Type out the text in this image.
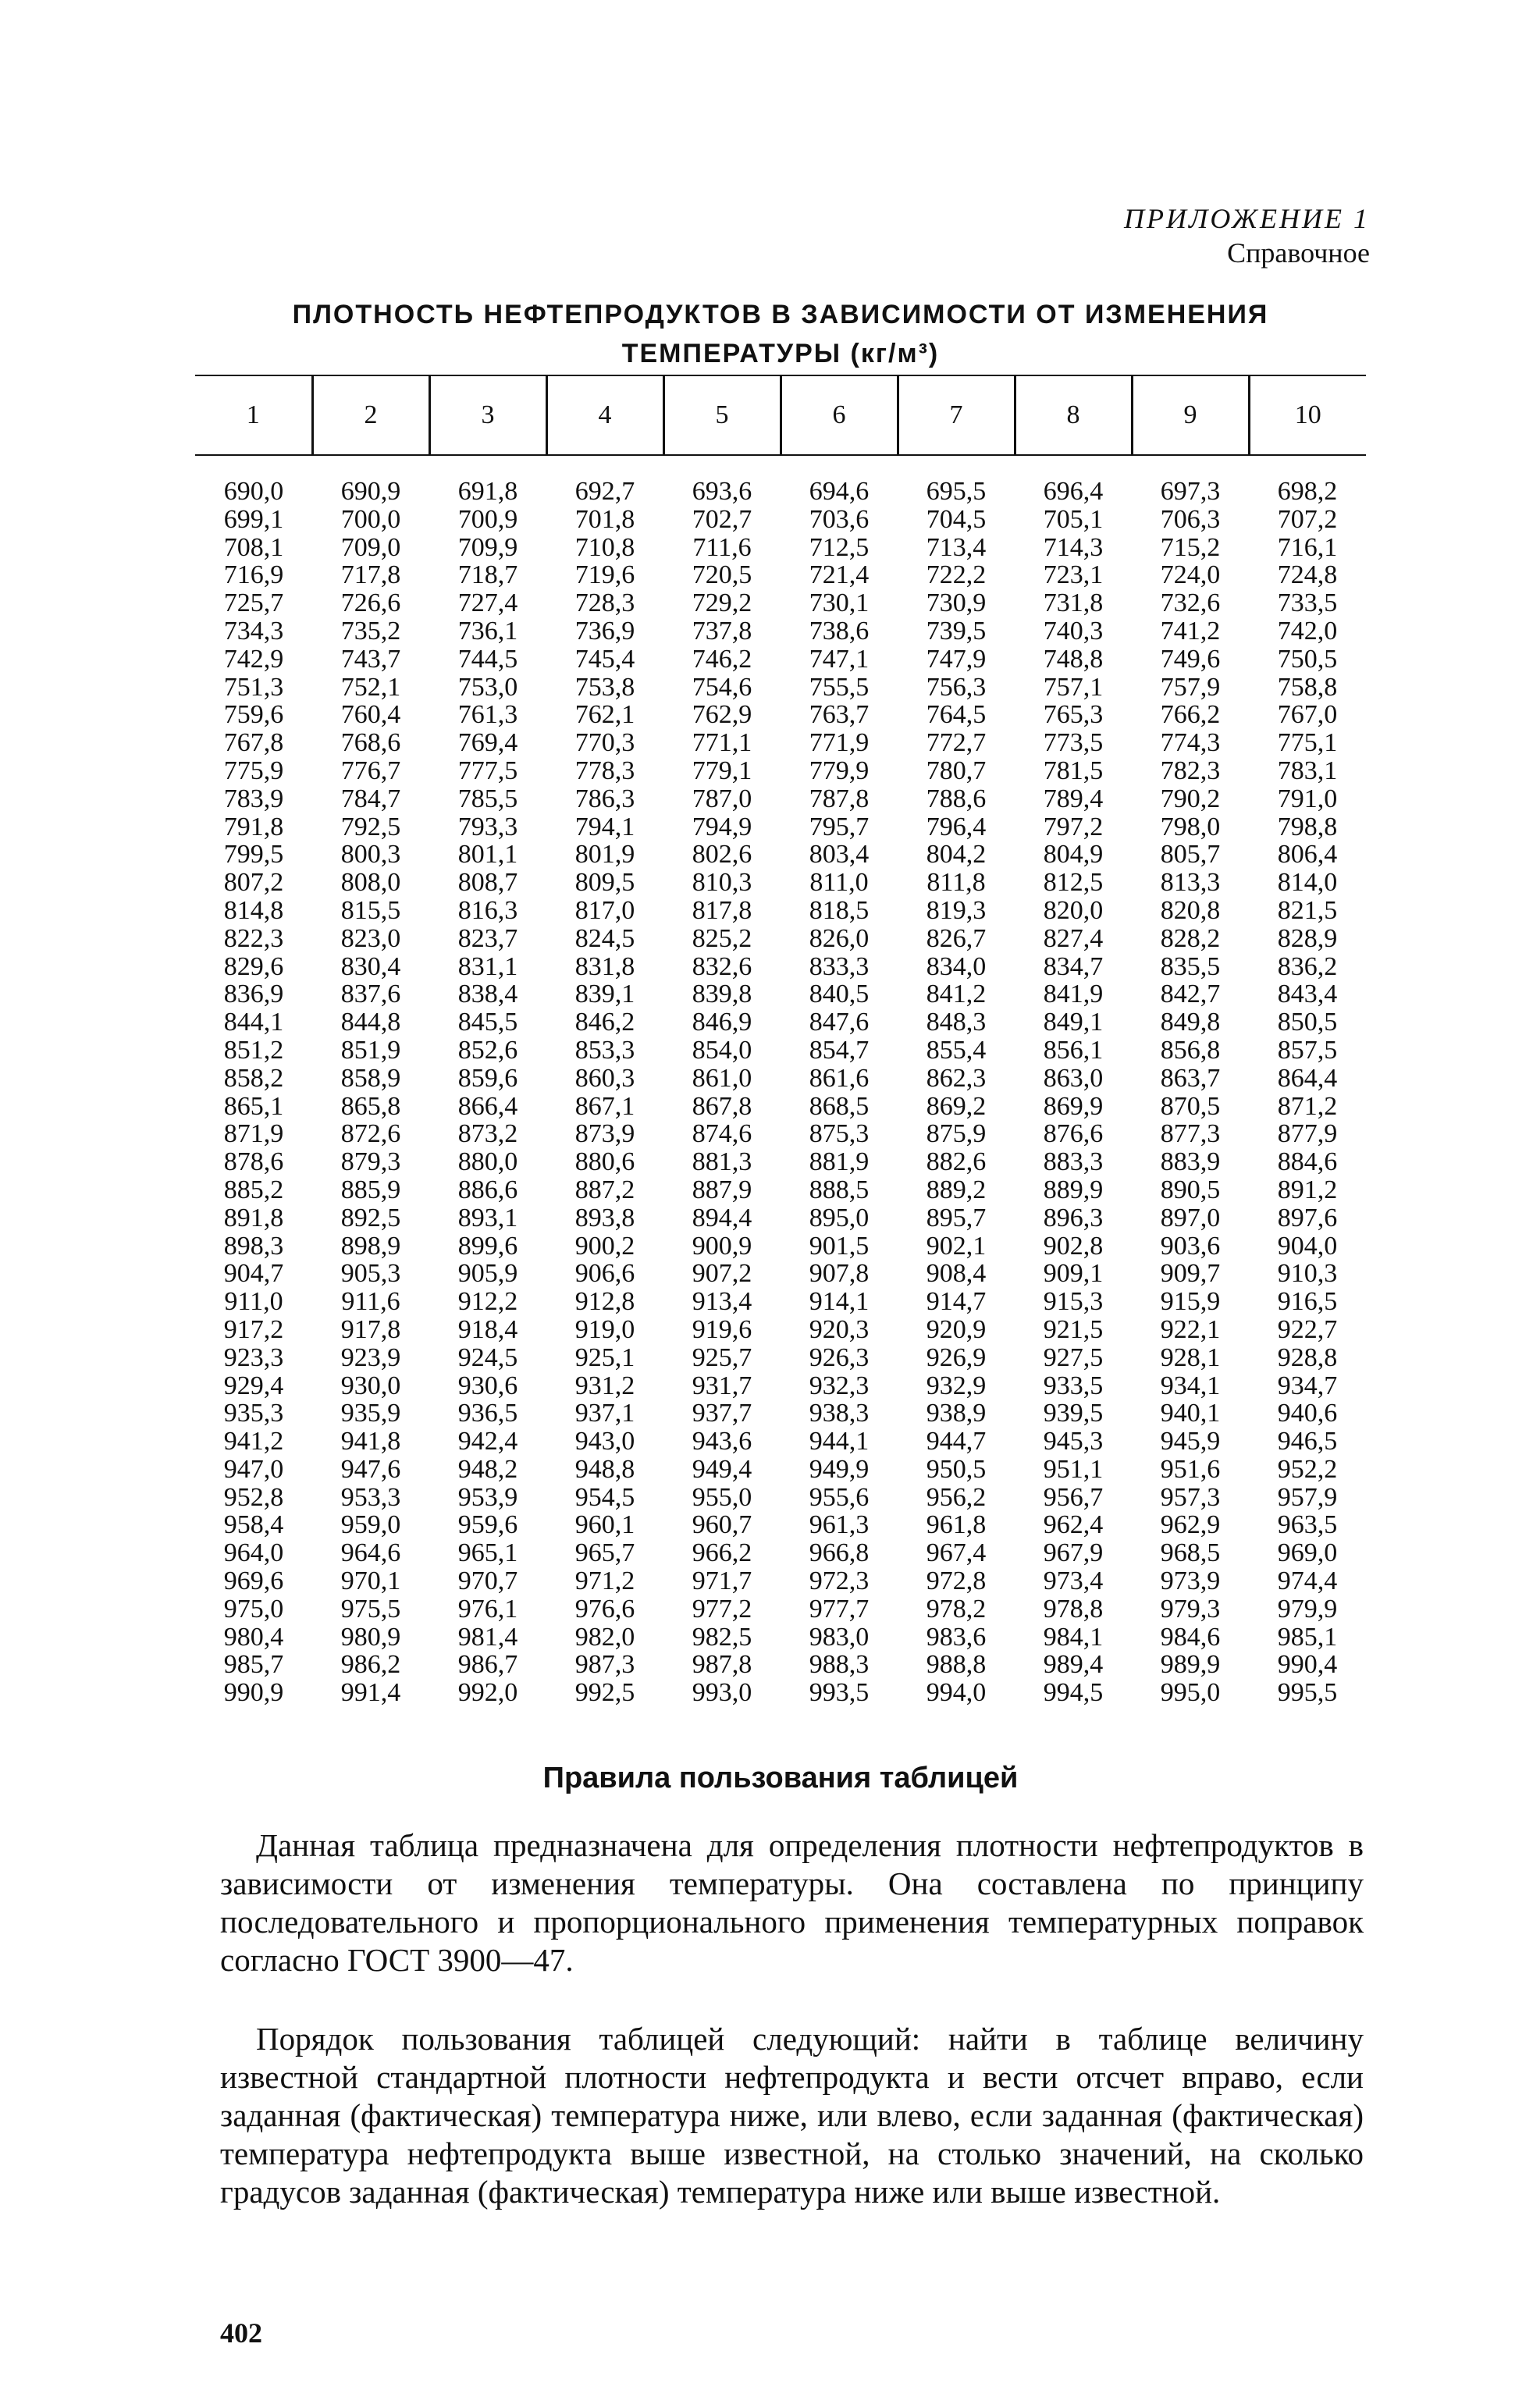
ПРИЛОЖЕНИЕ 1
Справочное
ПЛОТНОСТЬ НЕФТЕПРОДУКТОВ В ЗАВИСИМОСТИ ОТ ИЗМЕНЕНИЯ
ТЕМПЕРАТУРЫ (кг/м³)
1	2	3	4	5	6	7	8	9	10
690,0	690,9	691,8	692,7	693,6	694,6	695,5	696,4	697,3	698,2
699,1	700,0	700,9	701,8	702,7	703,6	704,5	705,1	706,3	707,2
708,1	709,0	709,9	710,8	711,6	712,5	713,4	714,3	715,2	716,1
716,9	717,8	718,7	719,6	720,5	721,4	722,2	723,1	724,0	724,8
725,7	726,6	727,4	728,3	729,2	730,1	730,9	731,8	732,6	733,5
734,3	735,2	736,1	736,9	737,8	738,6	739,5	740,3	741,2	742,0
742,9	743,7	744,5	745,4	746,2	747,1	747,9	748,8	749,6	750,5
751,3	752,1	753,0	753,8	754,6	755,5	756,3	757,1	757,9	758,8
759,6	760,4	761,3	762,1	762,9	763,7	764,5	765,3	766,2	767,0
767,8	768,6	769,4	770,3	771,1	771,9	772,7	773,5	774,3	775,1
775,9	776,7	777,5	778,3	779,1	779,9	780,7	781,5	782,3	783,1
783,9	784,7	785,5	786,3	787,0	787,8	788,6	789,4	790,2	791,0
791,8	792,5	793,3	794,1	794,9	795,7	796,4	797,2	798,0	798,8
799,5	800,3	801,1	801,9	802,6	803,4	804,2	804,9	805,7	806,4
807,2	808,0	808,7	809,5	810,3	811,0	811,8	812,5	813,3	814,0
814,8	815,5	816,3	817,0	817,8	818,5	819,3	820,0	820,8	821,5
822,3	823,0	823,7	824,5	825,2	826,0	826,7	827,4	828,2	828,9
829,6	830,4	831,1	831,8	832,6	833,3	834,0	834,7	835,5	836,2
836,9	837,6	838,4	839,1	839,8	840,5	841,2	841,9	842,7	843,4
844,1	844,8	845,5	846,2	846,9	847,6	848,3	849,1	849,8	850,5
851,2	851,9	852,6	853,3	854,0	854,7	855,4	856,1	856,8	857,5
858,2	858,9	859,6	860,3	861,0	861,6	862,3	863,0	863,7	864,4
865,1	865,8	866,4	867,1	867,8	868,5	869,2	869,9	870,5	871,2
871,9	872,6	873,2	873,9	874,6	875,3	875,9	876,6	877,3	877,9
878,6	879,3	880,0	880,6	881,3	881,9	882,6	883,3	883,9	884,6
885,2	885,9	886,6	887,2	887,9	888,5	889,2	889,9	890,5	891,2
891,8	892,5	893,1	893,8	894,4	895,0	895,7	896,3	897,0	897,6
898,3	898,9	899,6	900,2	900,9	901,5	902,1	902,8	903,6	904,0
904,7	905,3	905,9	906,6	907,2	907,8	908,4	909,1	909,7	910,3
911,0	911,6	912,2	912,8	913,4	914,1	914,7	915,3	915,9	916,5
917,2	917,8	918,4	919,0	919,6	920,3	920,9	921,5	922,1	922,7
923,3	923,9	924,5	925,1	925,7	926,3	926,9	927,5	928,1	928,8
929,4	930,0	930,6	931,2	931,7	932,3	932,9	933,5	934,1	934,7
935,3	935,9	936,5	937,1	937,7	938,3	938,9	939,5	940,1	940,6
941,2	941,8	942,4	943,0	943,6	944,1	944,7	945,3	945,9	946,5
947,0	947,6	948,2	948,8	949,4	949,9	950,5	951,1	951,6	952,2
952,8	953,3	953,9	954,5	955,0	955,6	956,2	956,7	957,3	957,9
958,4	959,0	959,6	960,1	960,7	961,3	961,8	962,4	962,9	963,5
964,0	964,6	965,1	965,7	966,2	966,8	967,4	967,9	968,5	969,0
969,6	970,1	970,7	971,2	971,7	972,3	972,8	973,4	973,9	974,4
975,0	975,5	976,1	976,6	977,2	977,7	978,2	978,8	979,3	979,9
980,4	980,9	981,4	982,0	982,5	983,0	983,6	984,1	984,6	985,1
985,7	986,2	986,7	987,3	987,8	988,3	988,8	989,4	989,9	990,4
990,9	991,4	992,0	992,5	993,0	993,5	994,0	994,5	995,0	995,5
Правила пользования таблицей

Данная таблица предназначена для определения плотности нефтепродуктов в зависимости от изменения температуры. Она составлена по принципу последовательного и пропорционального применения температурных поправок согласно ГОСТ 3900—47.

Порядок пользования таблицей следующий: найти в таблице величину известной стандартной плотности нефтепродукта и вести отсчет вправо, если заданная (фактическая) температура ниже, или влево, если заданная (фактическая) температура нефтепродукта выше известной, на столько значений, на сколько градусов заданная (фактическая) температура ниже или выше известной.

402
